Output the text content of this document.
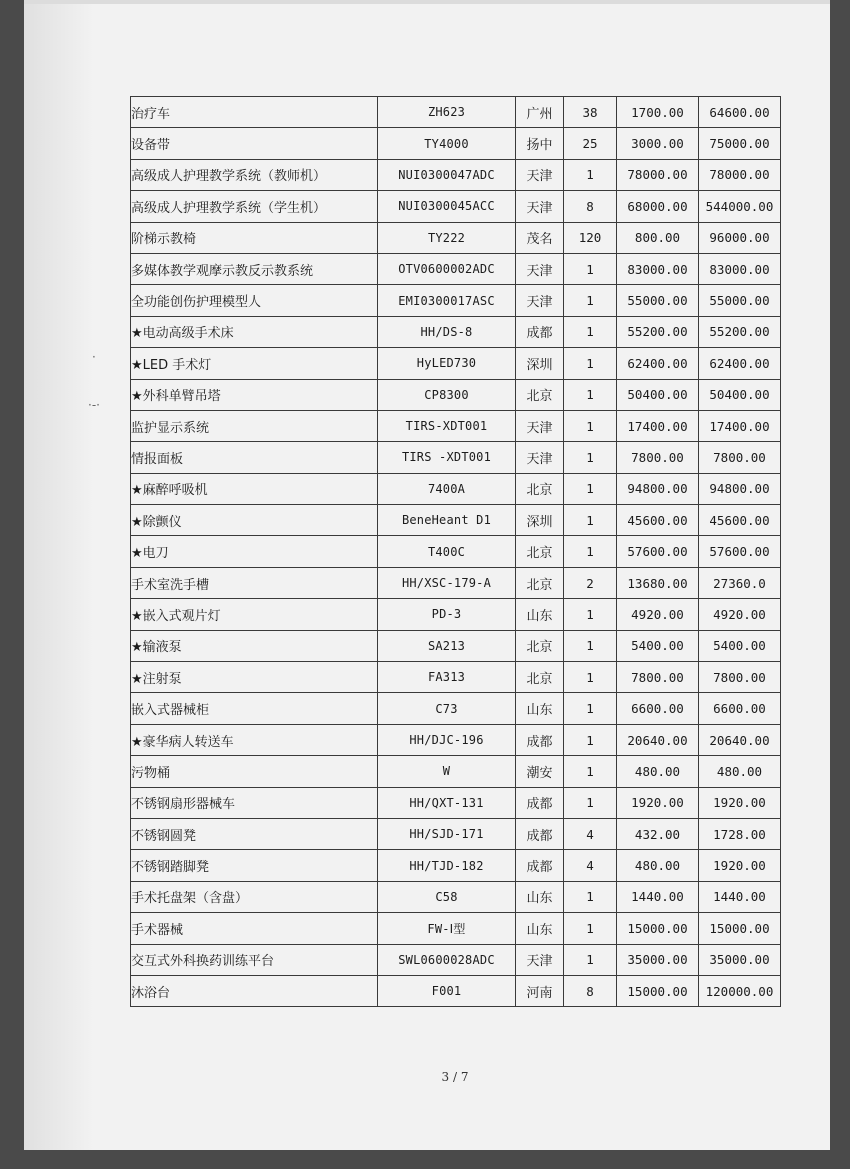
·
·-·
治疗车	ZH623	广州	38	1700.00	64600.00
设备带	TY4000	扬中	25	3000.00	75000.00
高级成人护理教学系统（教师机）	NUI0300047ADC	天津	1	78000.00	78000.00
高级成人护理教学系统（学生机）	NUI0300045ACC	天津	8	68000.00	544000.00
阶梯示教椅	TY222	茂名	120	800.00	96000.00
多媒体教学观摩示教反示教系统	OTV0600002ADC	天津	1	83000.00	83000.00
全功能创伤护理模型人	EMI0300017ASC	天津	1	55000.00	55000.00
★电动高级手术床	HH/DS-8	成都	1	55200.00	55200.00
★LED 手术灯	HyLED730	深圳	1	62400.00	62400.00
★外科单臂吊塔	CP8300	北京	1	50400.00	50400.00
监护显示系统	TIRS-XDT001	天津	1	17400.00	17400.00
情报面板	TIRS -XDT001	天津	1	7800.00	7800.00
★麻醉呼吸机	7400A	北京	1	94800.00	94800.00
★除颤仪	BeneHeant D1	深圳	1	45600.00	45600.00
★电刀	T400C	北京	1	57600.00	57600.00
手术室洗手槽	HH/XSC-179-A	北京	2	13680.00	27360.0
★嵌入式观片灯	PD-3	山东	1	4920.00	4920.00
★输液泵	SA213	北京	1	5400.00	5400.00
★注射泵	FA313	北京	1	7800.00	7800.00
嵌入式器械柜	C73	山东	1	6600.00	6600.00
★豪华病人转送车	HH/DJC-196	成都	1	20640.00	20640.00
污物桶	W	潮安	1	480.00	480.00
不锈钢扇形器械车	HH/QXT-131	成都	1	1920.00	1920.00
不锈钢圆凳	HH/SJD-171	成都	4	432.00	1728.00
不锈钢踏脚凳	HH/TJD-182	成都	4	480.00	1920.00
手术托盘架（含盘）	C58	山东	1	1440.00	1440.00
手术器械	FW-Ⅰ型	山东	1	15000.00	15000.00
交互式外科换药训练平台	SWL0600028ADC	天津	1	35000.00	35000.00
沐浴台	F001	河南	8	15000.00	120000.00
3 / 7
